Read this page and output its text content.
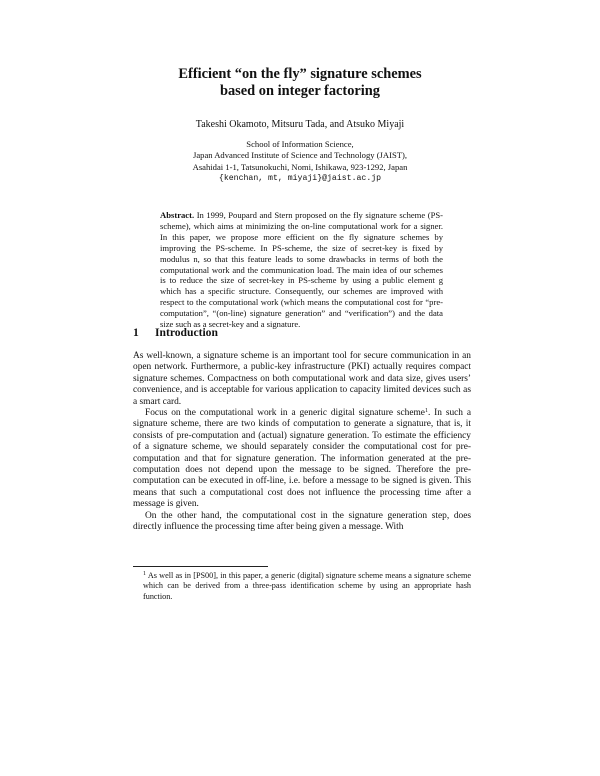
Efficient “on the fly” signature schemes
based on integer factoring
Takeshi Okamoto, Mitsuru Tada, and Atsuko Miyaji
School of Information Science,
Japan Advanced Institute of Science and Technology (JAIST),
Asahidai 1-1, Tatsunokuchi, Nomi, Ishikawa, 923-1292, Japan
{kenchan, mt, miyaji}@jaist.ac.jp
Abstract. In 1999, Poupard and Stern proposed on the fly signature scheme (PS-scheme), which aims at minimizing the on-line computational work for a signer. In this paper, we propose more efficient on the fly signature schemes by improving the PS-scheme. In PS-scheme, the size of secret-key is fixed by modulus n, so that this feature leads to some drawbacks in terms of both the computational work and the communication load. The main idea of our schemes is to reduce the size of secret-key in PS-scheme by using a public element g which has a specific structure. Consequently, our schemes are improved with respect to the computational work (which means the computational cost for “pre-computation”, “(on-line) signature generation” and “verification”) and the data size such as a secret-key and a signature.
1 Introduction

As well-known, a signature scheme is an important tool for secure communication in an open network. Furthermore, a public-key infrastructure (PKI) actually requires compact signature schemes. Compactness on both computational work and data size, gives users’ convenience, and is acceptable for various application to capacity limited devices such as a smart card.

Focus on the computational work in a generic digital signature scheme$^1$. In such a signature scheme, there are two kinds of computation to generate a signature, that is, it consists of pre-computation and (actual) signature generation. To estimate the efficiency of a signature scheme, we should separately consider the computational cost for pre-computation and that for signature generation. The information generated at the pre-computation does not depend upon the message to be signed. Therefore the pre-computation can be executed in off-line, i.e. before a message to be signed is given. This means that such a computational cost does not influence the processing time after a message is given.

On the other hand, the computational cost in the signature generation step, does directly influence the processing time after being given a message. With

$^1$ As well as in [PS00], in this paper, a generic (digital) signature scheme means a signature scheme which can be derived from a three-pass identification scheme by using an appropriate hash function.
